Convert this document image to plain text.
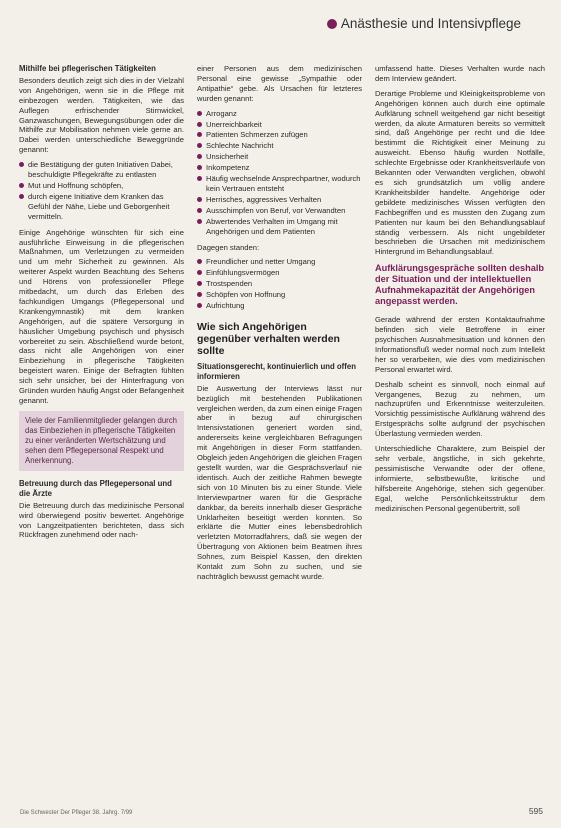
Anästhesie und Intensivpflege
Mithilfe bei pflegerischen Tätigkeiten

Besonders deutlich zeigt sich dies in der Vielzahl von Angehörigen, wenn sie in die Pflege mit einbezogen werden. Tätigkeiten, wie das Auflegen erfrischender Stirnwickel, Ganzwaschungen, Bewegungsübungen oder die Mithilfe zur Mobilisation nehmen viele gerne an. Dabei werden unterschiedliche Beweggründe genannt:

die Bestätigung der guten Initiativen Dabei, beschuldigte Pflegekräfte zu entlasten
Mut und Hoffnung schöpfen,
durch eigene Initiative dem Kranken das Gefühl der Nähe, Liebe und Geborgenheit vermitteln.

Einige Angehörige wünschten für sich eine ausführliche Einweisung in die pflegerischen Maßnahmen, um Verletzungen zu vermeiden und um mehr Sicherheit zu gewinnen. Als weiterer Aspekt wurden Beachtung des Sehens und Hörens von professioneller Pflege mitbedacht, um durch das Erleben des fachkundigen Umgangs (Pflegepersonal und Krankengymnastik) mit dem kranken Angehörigen, auf die spätere Versorgung in häuslicher Umgebung psychisch und physisch vorbereitet zu sein. Abschließend wurde betont, dass nicht alle Angehörigen von einer Einbeziehung in pflegerische Tätigkeiten begeistert waren. Einige der Befragten fühlten sich sehr unsicher, bei der Hinterfragung von Gründen wurden häufig Angst oder Befangenheit genannt.

Viele der Familienmitglieder gelangen durch das Einbeziehen in pflegerische Tätigkeiten zu einer veränderten Wertschätzung und sehen dem Pflegepersonal Respekt und Anerkennung.
Betreuung durch das Pflegepersonal und die Ärzte

Die Betreuung durch das medizinische Personal wird überwiegend positiv bewertet. Angehörige von Langzeitpatienten berichteten, dass sich Rückfragen zunehmend oder nach-

einer Personen aus dem medizinischen Personal eine gewisse „Sympathie oder Antipathie“ gebe. Als Ursachen für letzteres wurden genannt:

Arroganz
Unerreichbarkeit
Patienten Schmerzen zufügen
Schlechte Nachricht
Unsicherheit
Inkompetenz
Häufig wechselnde Ansprechpartner, wodurch kein Vertrauen entsteht
Herrisches, aggressives Verhalten
Ausschimpfen von Beruf, vor Verwandten
Abwertendes Verhalten im Umgang mit Angehörigen und dem Patienten

Dagegen standen:

Freundlicher und netter Umgang
Einfühlungsvermögen
Trostspenden
Schöpfen von Hoffnung
Aufrichtung
Wie sich Angehörigen gegenüber verhalten werden sollte
Situationsgerecht, kontinuierlich und offen informieren

Die Auswertung der Interviews lässt nur bezüglich mit bestehenden Publikationen vergleichen werden, da zum einen einige Fragen aber in bezug auf chirurgischen Intensivstationen generiert worden sind, andererseits keine vergleichbaren Befragungen mit Angehörigen in dieser Form stattfanden. Obgleich jeden Angehörigen die gleichen Fragen gestellt wurden, war die Gesprächsverlauf nie identisch. Auch der zeitliche Rahmen bewegte sich von 10 Minuten bis zu einer Stunde. Viele Interviewpartner waren für die Gespräche dankbar, da bereits innerhalb dieser Gespräche Unklarheiten beseitigt werden konnten. So erklärte die Mutter eines lebensbedrohlich verletzten Motorradfahrers, daß sie wegen der Übertragung von Aktionen beim Beatmen ihres Sohnes, zum Beispiel Kassen, den direkten Kontakt zum Sohn zu suchen, und sie nachträglich bewusst gemacht wurde.

umfassend hatte. Dieses Verhalten wurde nach dem Interview geändert.

Derartige Probleme und Kleinigkeitsprobleme von Angehörigen können auch durch eine optimale Aufklärung schnell weitgehend gar nicht beseitigt werden, da akute Armaturen bereits so vermittelt sind, daß Angehörige per recht und die Idee bestimmt die Richtigkeit einer Meinung zu ausweicht. Ebenso häufig wurden Notfälle, schlechte Ergebnisse oder Krankheitsverläufe von Bekannten oder Verwandten verglichen, obwohl es sich grundsätzlich um völlig andere Krankheitsbilder handelte. Angehörige oder gebildete medizinisches Wissen verfügten den Fachbegriffen und es mussten den Zugang zum Patienten nur kaum bei den Behandlungsablauf ständig verbessern. Als nicht ungebildeter beschrieben die Ursachen mit medizinischem Hintergrund im Behandlungsablauf.

Aufklärungsgespräche sollten deshalb der Situation und der intellektuellen Aufnahmekapazität der Angehörigen angepasst werden.

Gerade während der ersten Kontaktaufnahme befinden sich viele Betroffene in einer psychischen Ausnahmesituation und können den Informationsfluß weder normal noch zum Intellekt her so verarbeiten, wie dies vom medizinischen Personal erwartet wird.

Deshalb scheint es sinnvoll, noch einmal auf Vergangenes, Bezug zu nehmen, um nachzuprüfen und Erkenntnisse weiterzuleiten. Vorsichtig pessimistische Aufklärung während des Erstgesprächs sollte aufgrund der psychischen Überlastung vermieden werden.

Unterschiedliche Charaktere, zum Beispiel der sehr verbale, ängstliche, in sich gekehrte, pessimistische Verwandte oder der offene, informierte, selbstbewußte, kritische und hilfsbereite Angehörige, stehen sich gegenüber. Egal, welche Persönlichkeitsstruktur dem medizinischen Personal gegenübertritt, soll

Die Schwester Der Pfleger 38. Jahrg. 7/99	595
